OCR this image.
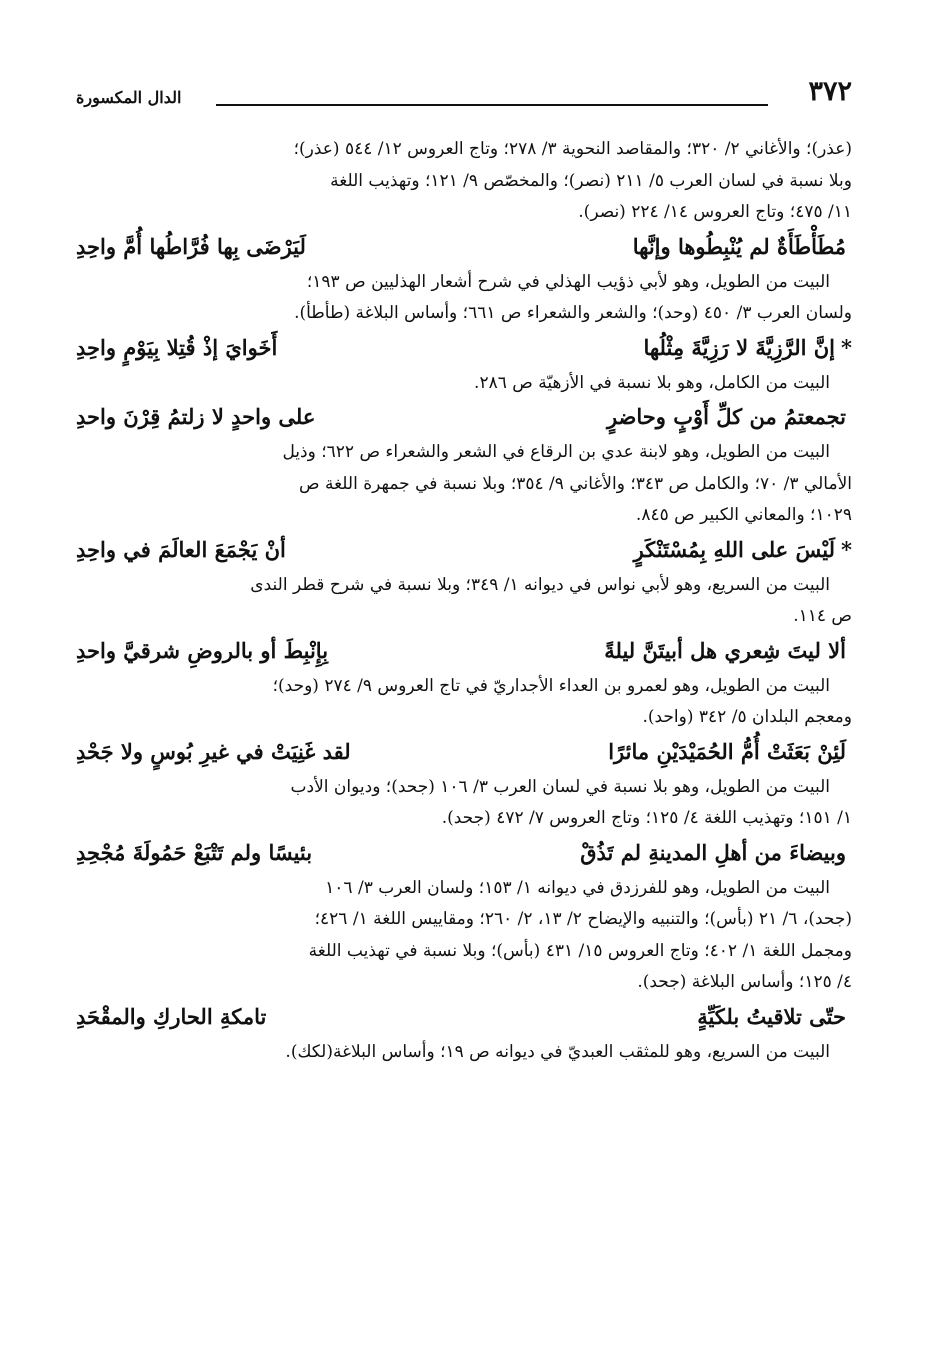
٣٧٢
الدال المكسورة

(عذر)؛ والأغاني ٢/ ٣٢٠؛ والمقاصد النحوية ٣/ ٢٧٨؛ وتاج العروس ١٢/ ٥٤٤ (عذر)؛

وبلا نسبة في لسان العرب ٥/ ٢١١ (نصر)؛ والمخصّص ٩/ ١٢١؛ وتهذيب اللغة

١١/ ٤٧٥؛ وتاج العروس ١٤/ ٢٢٤ (نصر).

مُطَأْطَأَةٌ لم يُنْبِطُوها وإنَّها
لَيَرْضَى بِها فُرَّاطُها أُمَّ واحِدِ

البيت من الطويل، وهو لأبي ذؤيب الهذلي في شرح أشعار الهذليين ص ١٩٣؛

ولسان العرب ٣/ ٤٥٠ (وحد)؛ والشعر والشعراء ص ٦٦١؛ وأساس البلاغة (طأطأ).

*إنَّ الرَّزِيَّةَ لا رَزِيَّةَ مِثْلُها
أَخَوايَ إذْ قُتِلا بِيَوْمٍ واحِدِ

البيت من الكامل، وهو بلا نسبة في الأزهيّة ص ٢٨٦.

تجمعتمُ من كلِّ أَوْبٍ وحاضرٍ
على واحدٍ لا زلتمُ قِرْنَ واحدِ

البيت من الطويل، وهو لابنة عدي بن الرقاع في الشعر والشعراء ص ٦٢٢؛ وذيل

الأمالي ٣/ ٧٠؛ والكامل ص ٣٤٣؛ والأغاني ٩/ ٣٥٤؛ وبلا نسبة في جمهرة اللغة ص

١٠٢٩؛ والمعاني الكبير ص ٨٤٥.

*لَيْسَ على اللهِ بِمُسْتَنْكَرٍ
أنْ يَجْمَعَ العالَمَ في واحِدِ

البيت من السريع، وهو لأبي نواس في ديوانه ١/ ٣٤٩؛ وبلا نسبة في شرح قطر الندى

ص ١١٤.

ألا ليتَ شِعري هل أبيتَنَّ ليلةً
بِإِنْبِطَ أو بالروضِ شرقيَّ واحدِ

البيت من الطويل، وهو لعمرو بن العداء الأجداريّ في تاج العروس ٩/ ٢٧٤ (وحد)؛

ومعجم البلدان ٥/ ٣٤٢ (واحد).

لَئِنْ بَعَثَتْ أُمُّ الحُمَيْدَيْنِ مائرًا
لقد غَنِيَتْ في غيرِ بُوسٍ ولا جَحْدِ

البيت من الطويل، وهو بلا نسبة في لسان العرب ٣/ ١٠٦ (جحد)؛ وديوان الأدب

١/ ١٥١؛ وتهذيب اللغة ٤/ ١٢٥؛ وتاج العروس ٧/ ٤٧٢ (جحد).

وبيضاءَ من أهلِ المدينةِ لم تَذُقْ
بئيسًا ولم تَتْبَعْ حَمُولَةَ مُجْحِدِ

البيت من الطويل، وهو للفرزدق في ديوانه ١/ ١٥٣؛ ولسان العرب ٣/ ١٠٦

(جحد)، ٦/ ٢١ (بأس)؛ والتنبيه والإيضاح ٢/ ١٣، ٢/ ٢٦٠؛ ومقاييس اللغة ١/ ٤٢٦؛

ومجمل اللغة ١/ ٤٠٢؛ وتاج العروس ١٥/ ٤٣١ (بأس)؛ وبلا نسبة في تهذيب اللغة

٤/ ١٢٥؛ وأساس البلاغة (جحد).

حتّى تلاقيتُ بلكَيِّةٍ
تامكةِ الحاركِ والمقْحَدِ

البيت من السريع، وهو للمثقب العبديّ في ديوانه ص ١٩؛ وأساس البلاغة(لكك).
